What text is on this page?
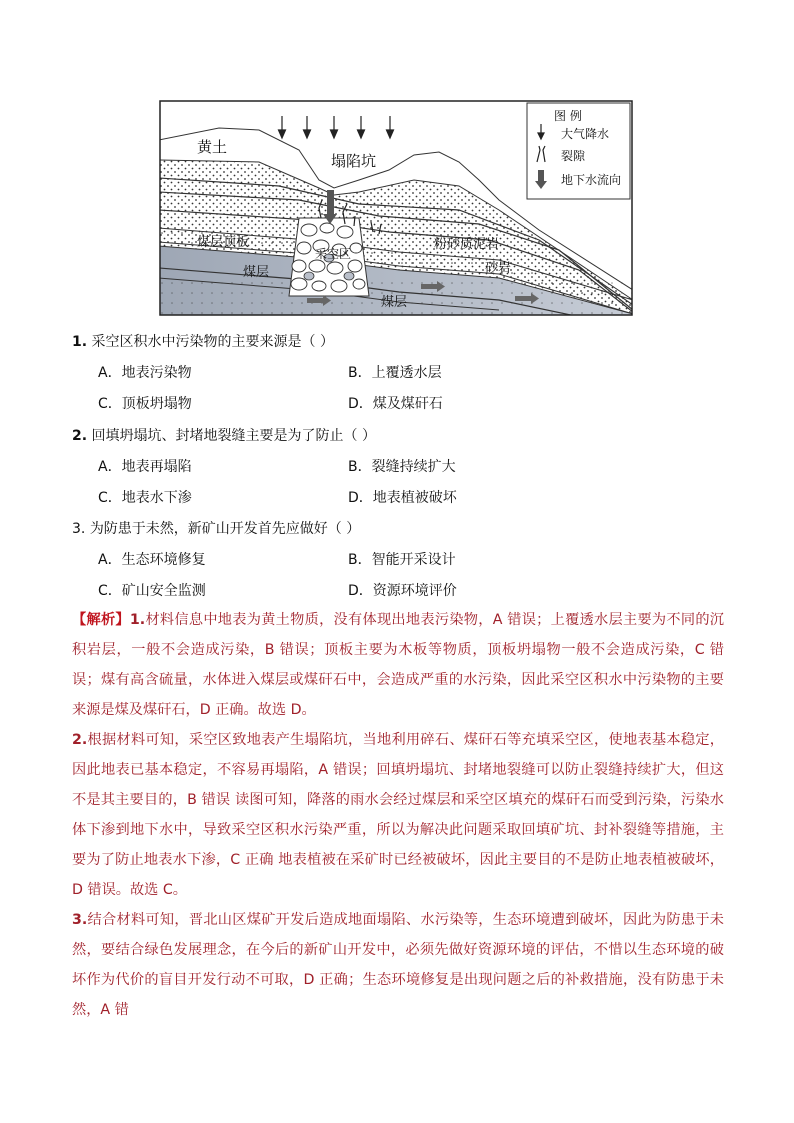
黄土
塌陷坑
粉砂质泥岩
煤层顶板
煤层
采空区
砂岩
煤层
图 例
大气降水
裂隙
地下水流向
1. 采空区积水中污染物的主要来源是（ ）
A．地表污染物	B．上覆透水层
C．顶板坍塌物	D．煤及煤矸石
2. 回填坍塌坑、封堵地裂缝主要是为了防止（ ）
A．地表再塌陷	B．裂缝持续扩大
C．地表水下渗	D．地表植被破坏
3. 为防患于未然，新矿山开发首先应做好（ ）
A．生态环境修复	B．智能开采设计
C．矿山安全监测	D．资源环境评价

【解析】1.材料信息中地表为黄土物质，没有体现出地表污染物，A 错误；上覆透水层主要为不同的沉积岩层，一般不会造成污染，B 错误；顶板主要为木板等物质，顶板坍塌物一般不会造成污染，C 错误；煤有高含硫量，水体进入煤层或煤矸石中，会造成严重的水污染，因此采空区积水中污染物的主要来源是煤及煤矸石，D 正确。故选 D。

2.根据材料可知，采空区致地表产生塌陷坑，当地利用碎石、煤矸石等充填采空区，使地表基本稳定，因此地表已基本稳定，不容易再塌陷，A 错误；回填坍塌坑、封堵地裂缝可以防止裂缝持续扩大，但这不是其主要目的，B 错误 读图可知，降落的雨水会经过煤层和采空区填充的煤矸石而受到污染，污染水体下渗到地下水中，导致采空区积水污染严重，所以为解决此问题采取回填矿坑、封补裂缝等措施，主要为了防止地表水下渗，C 正确 地表植被在采矿时已经被破坏，因此主要目的不是防止地表植被破坏，D 错误。故选 C。

3.结合材料可知，晋北山区煤矿开发后造成地面塌陷、水污染等，生态环境遭到破坏，因此为防患于未然，要结合绿色发展理念，在今后的新矿山开发中，必须先做好资源环境的评估，不惜以生态环境的破坏作为代价的盲目开发行动不可取，D 正确；生态环境修复是出现问题之后的补救措施，没有防患于未然，A 错
